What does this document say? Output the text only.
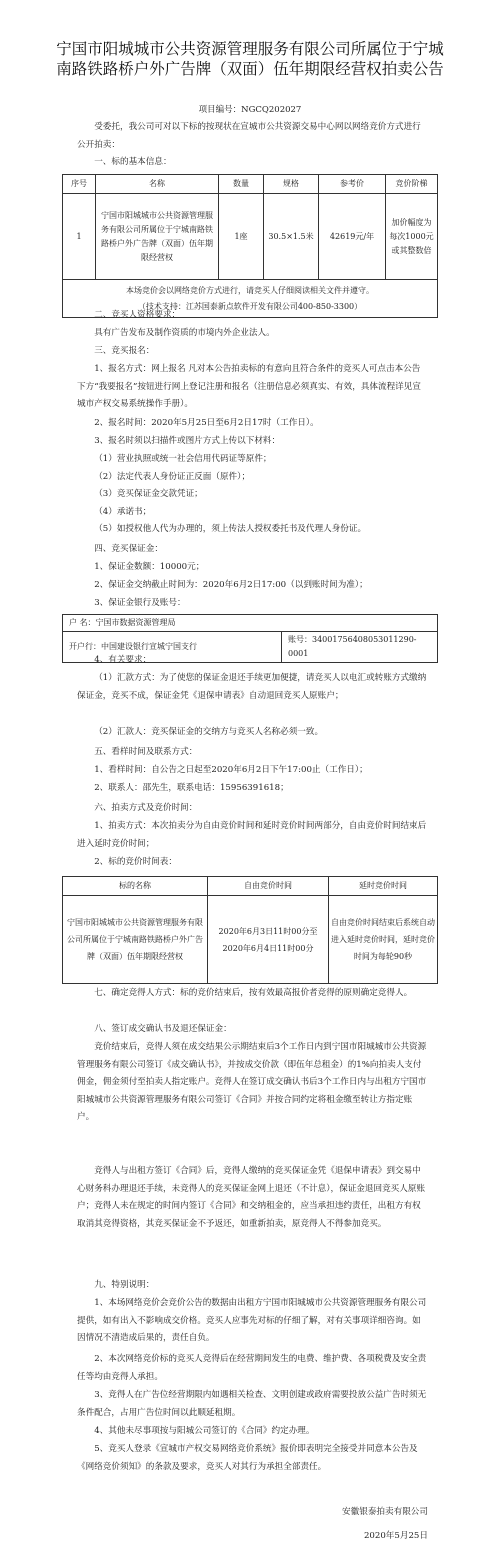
宁国市阳城城市公共资源管理服务有限公司所属位于宁城南路铁路桥户外广告牌（双面）伍年期限经营权拍卖公告
项目编号：NGCQ202027
受委托，我公司可对以下标的按现状在宣城市公共资源交易中心网以网络竞价方式进行公开拍卖：
一、标的基本信息：
序号	名称	数量	规格	参考价	竞价阶梯
1	宁国市阳城城市公共资源管理服务有限公司所属位于宁城南路铁路桥户外广告牌（双面）伍年期限经营权	1座	30.5×1.5米	42619元/年	加价幅度为每次1000元或其整数倍

本场竞价会以网络竞价方式进行，请竞买人仔细阅读相关文件并遵守。
（技术支持：江苏国泰新点软件开发有限公司400-850-3300）					
二、竞买人资格要求：
具有广告发布及制作资质的市境内外企业法人。
三、竞买报名：
1、报名方式：网上报名 凡对本公告拍卖标的有意向且符合条件的竞买人可点击本公告下方“我要报名”按钮进行网上登记注册和报名（注册信息必须真实、有效，具体流程详见宣城市产权交易系统操作手册）。
2、报名时间：2020年5月25日至6月2日17时（工作日）。
3、报名时须以扫描件或图片方式上传以下材料：
（1）营业执照或统一社会信用代码证等原件；
（2）法定代表人身份证正反面（原件）；
（3）竞买保证金交款凭证；
（4）承诺书；
（5）如授权他人代为办理的，须上传法人授权委托书及代理人身份证。
四、竞买保证金：
1、保证金数额：10000元；
2、保证金交纳截止时间为：2020年6月2日17:00（以到账时间为准）；
3、保证金银行及账号：
户 名：宁国市数据资源管理局
开户行：中国建设银行宣城宁国支行	账号：34001756408053011290-0001
4、有关要求：
（1）汇款方式：为了使您的保证金退还手续更加便捷，请竞买人以电汇或转账方式缴纳保证金，竞买不成，保证金凭《退保申请表》自动退回竞买人原账户；
（2）汇款人：竞买保证金的交纳方与竞买人名称必须一致。
五、看样时间及联系方式：
1、看样时间：自公告之日起至2020年6月2日下午17:00止（工作日）；
2、联系人：邵先生，联系电话：15956391618；
六、拍卖方式及竞价时间：
1、拍卖方式：本次拍卖分为自由竞价时间和延时竞价时间两部分，自由竞价时间结束后进入延时竞价时间；
2、标的竞价时间表：
标的名称	自由竞价时间	延时竞价时间
宁国市阳城城市公共资源管理服务有限公司所属位于宁城南路铁路桥户外广告牌（双面）伍年期限经营权	2020年6月3日11时00分至2020年6月4日11时00分	自由竞价时间结束后系统自动进入延时竞价时间，延时竞价时间为每轮90秒
七、确定竞得人方式：标的竞价结束后，按有效最高报价者竞得的原则确定竞得人。
八、签订成交确认书及退还保证金：
竞价结束后，竞得人须在成交结果公示期结束后3个工作日内到宁国市阳城城市公共资源管理服务有限公司签订《成交确认书》，并按成交价款（即伍年总租金）的1%向拍卖人支付佣金，佣金须付至拍卖人指定账户。竞得人在签订成交确认书后3个工作日内与出租方宁国市阳城城市公共资源管理服务有限公司签订《合同》并按合同约定将租金缴至转让方指定账户。
竞得人与出租方签订《合同》后，竞得人缴纳的竞买保证金凭《退保申请表》到交易中心财务科办理退还手续，未竞得人的竞买保证金网上退还（不计息），保证金退回竞买人原账户；竞得人未在规定的时间内签订《合同》和交纳租金的，应当承担违约责任，出租方有权取消其竞得资格，其竞买保证金不予返还，如重新拍卖，原竞得人不得参加竞买。
九、特别说明：
1、本场网络竞价会竞价公告的数据由出租方宁国市阳城城市公共资源管理服务有限公司提供，如有出入不影响成交价格。竞买人应事先对标的仔细了解，对有关事项详细咨询。如因情况不清造成后果的，责任自负。
2、本次网络竞价标的竞买人竞得后在经营期间发生的电费、维护费、各项税费及安全责任等均由竞得人承担。
3、竞得人在广告位经营期限内如遇相关检查、文明创建或政府需要投放公益广告时须无条件配合，占用广告位时间以此顺延租期。
4、其他未尽事项按与阳城公司签订的《合同》约定办理。
5、竞买人登录《宣城市产权交易网络竞价系统》报价即表明完全接受并同意本公告及《网络竞价须知》的条款及要求，竞买人对其行为承担全部责任。
安徽银泰拍卖有限公司
2020年5月25日
